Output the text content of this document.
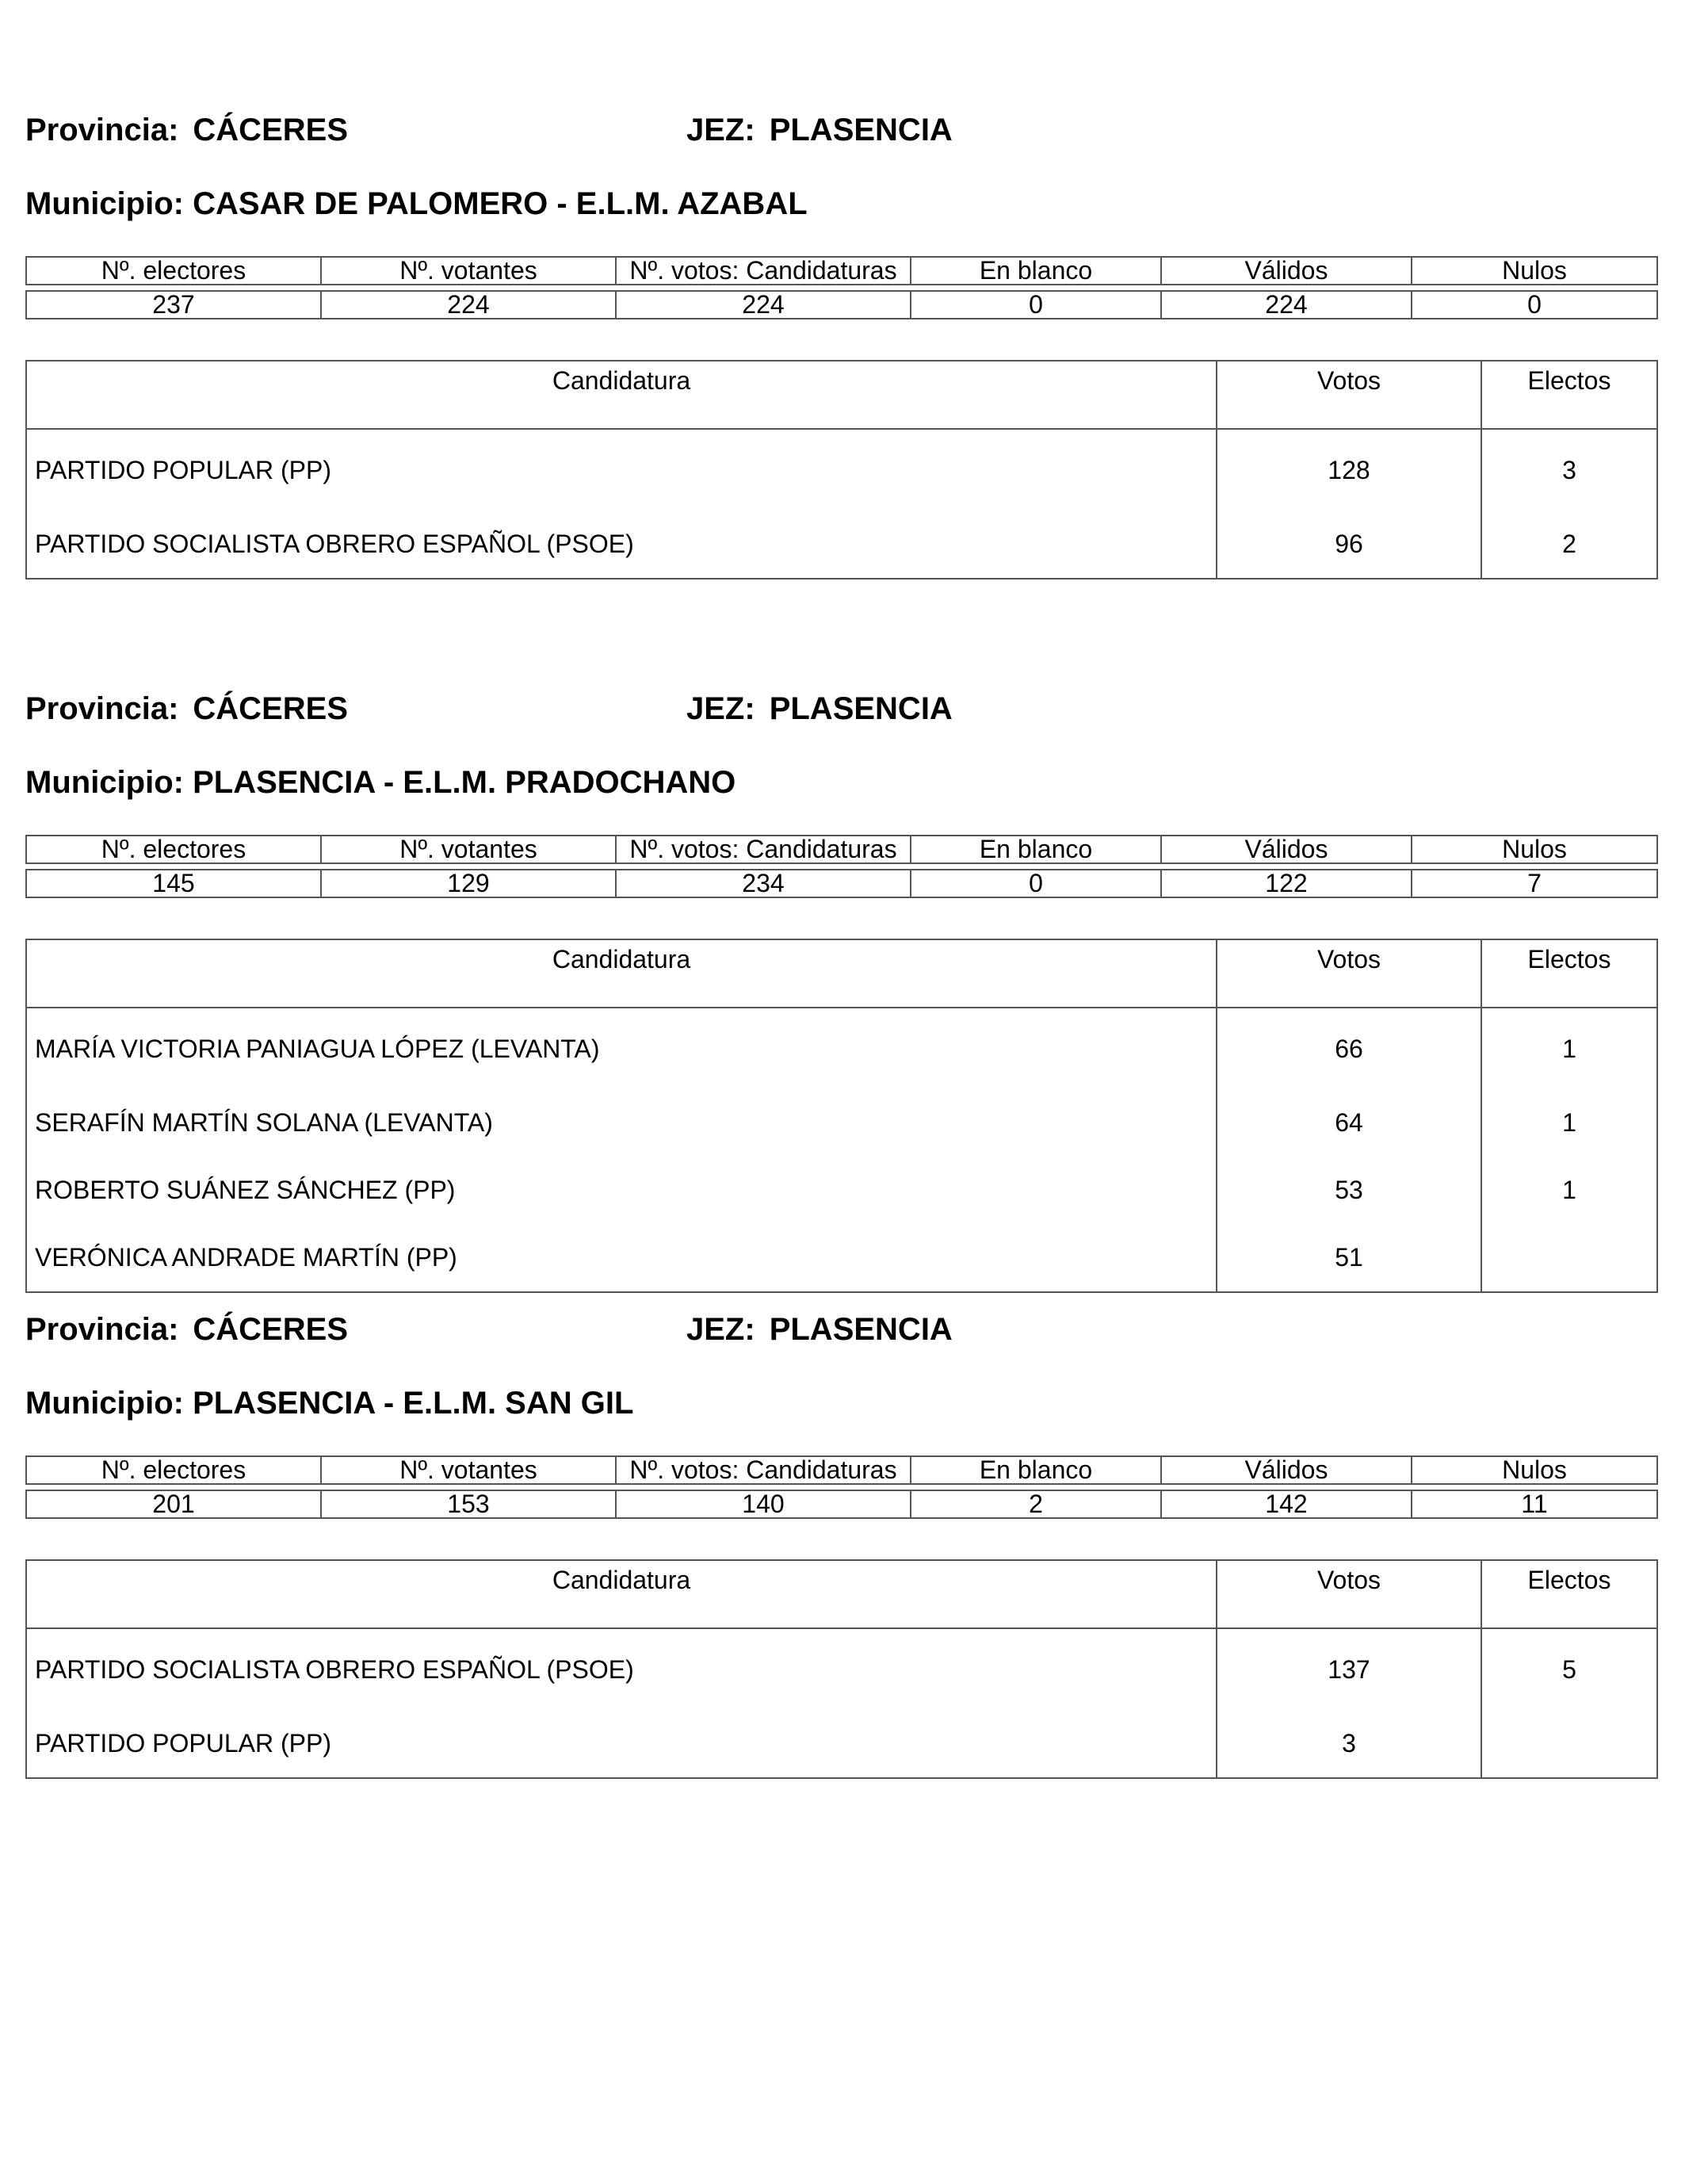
Provincia: CÁCERES	JEZ: PLASENCIA
Municipio: CASAR DE PALOMERO - E.L.M. AZABAL
Nº. electores	Nº. votantes	Nº. votos: Candidaturas	En blanco	Válidos	Nulos

237	224	224	0	224	0
Candidatura	Votos	Electos
PARTIDO POPULAR (PP)	128	3
PARTIDO SOCIALISTA OBRERO ESPAÑOL (PSOE)	96	2
Provincia: CÁCERES	JEZ: PLASENCIA
Municipio: PLASENCIA - E.L.M. PRADOCHANO
Nº. electores	Nº. votantes	Nº. votos: Candidaturas	En blanco	Válidos	Nulos

145	129	234	0	122	7
Candidatura	Votos	Electos
MARÍA VICTORIA PANIAGUA LÓPEZ (LEVANTA)	66	1
SERAFÍN MARTÍN SOLANA (LEVANTA)	64	1
ROBERTO SUÁNEZ SÁNCHEZ (PP)	53	1
VERÓNICA ANDRADE MARTÍN (PP)	51	
Provincia: CÁCERES	JEZ: PLASENCIA
Municipio: PLASENCIA - E.L.M. SAN GIL
Nº. electores	Nº. votantes	Nº. votos: Candidaturas	En blanco	Válidos	Nulos

201	153	140	2	142	11
Candidatura	Votos	Electos
PARTIDO SOCIALISTA OBRERO ESPAÑOL (PSOE)	137	5
PARTIDO POPULAR (PP)	3	
